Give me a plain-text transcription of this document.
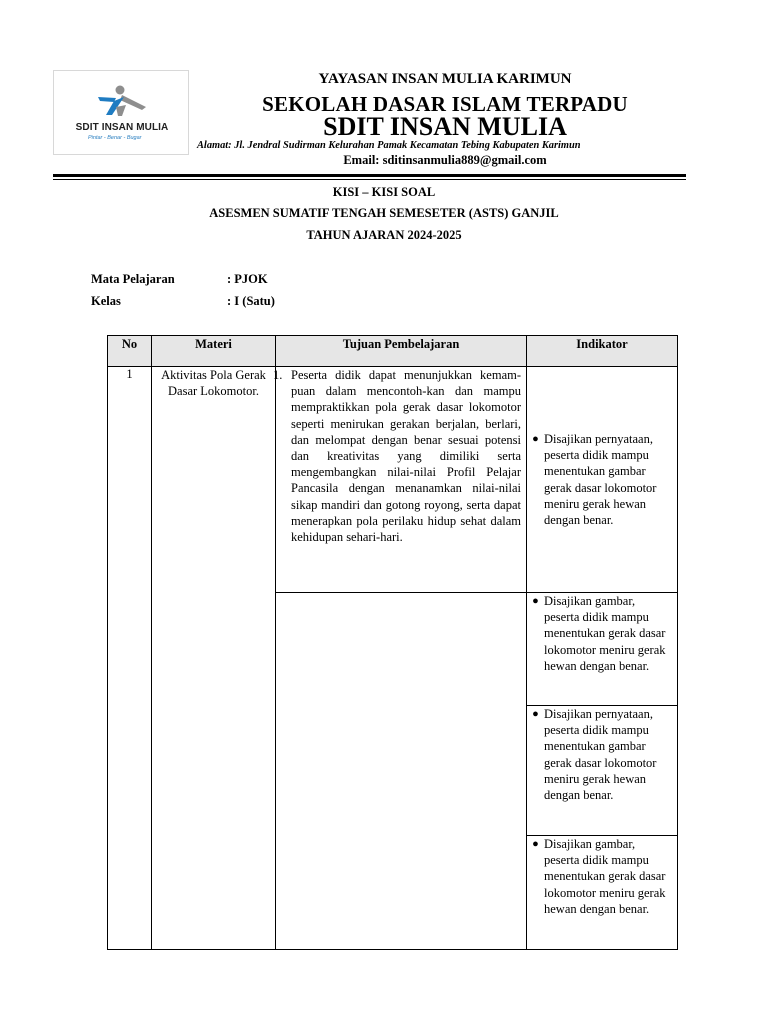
SDIT INSAN MULIA
Pintar - Benar - Bugar
YAYASAN INSAN MULIA KARIMUN
SEKOLAH DASAR ISLAM TERPADU
SDIT INSAN MULIA
Alamat: Jl. Jendral Sudirman Kelurahan Pamak Kecamatan Tebing Kabupaten Karimun
Email: sditinsanmulia889@gmail.com
KISI – KISI SOAL
ASESMEN SUMATIF TENGAH SEMESETER (ASTS) GANJIL
TAHUN AJARAN 2024-2025
Mata Pelajaran	: PJOK
Kelas	: I (Satu)
No	Materi	Tujuan Pembelajaran	Indikator
1	Aktivitas Pola Gerak Dasar Lokomotor.	1. Peserta didik dapat menunjukkan kemam-puan dalam mencontoh-kan dan mampu mempraktikkan pola gerak dasar lokomotor seperti menirukan gerakan berjalan, berlari, dan melompat dengan benar sesuai potensi dan kreativitas yang dimiliki serta mengembangkan nilai-nilai Profil Pelajar Pancasila dengan menanamkan nilai-nilai sikap mandiri dan gotong royong, serta dapat menerapkan pola perilaku hidup sehat dalam kehidupan sehari-hari.	● Disajikan pernyataan, peserta didik mampu menentukan gambar gerak dasar lokomotor meniru gerak hewan dengan benar.

			● Disajikan gambar, peserta didik mampu menentukan gerak dasar lokomotor meniru gerak hewan dengan benar.

			● Disajikan pernyataan, peserta didik mampu menentukan gambar gerak dasar lokomotor meniru gerak hewan dengan benar.

			● Disajikan gambar, peserta didik mampu menentukan gerak dasar lokomotor meniru gerak hewan dengan benar.
